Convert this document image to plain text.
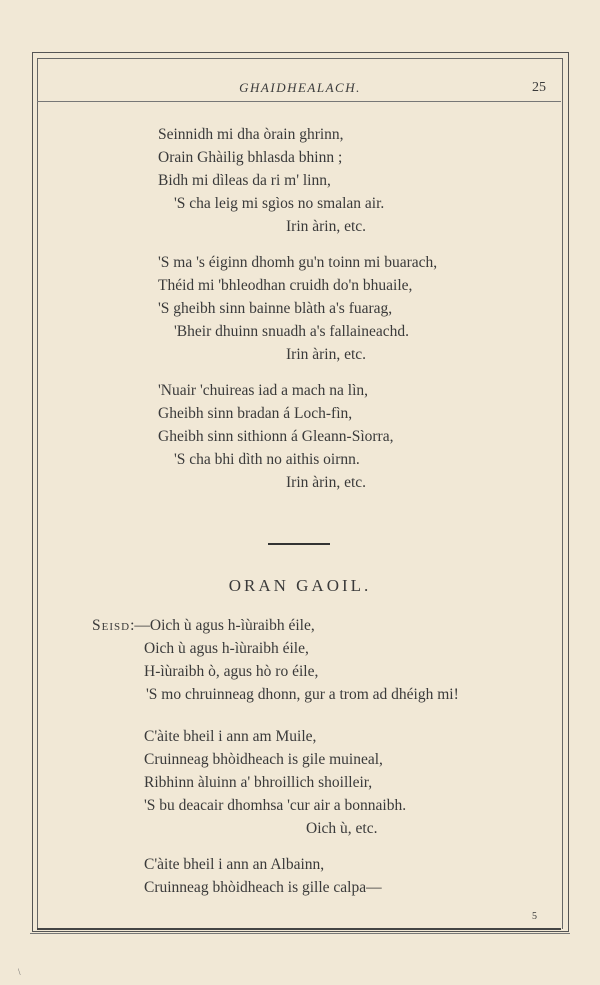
GHAIDHEALACH.	25
Seinnidh mi dha òrain ghrinn,
Orain Ghàilig bhlasda bhinn ;
Bidh mi dìleas da ri m' linn,
'S cha leig mi sgìos no smalan air.
Irin àrin, etc.
'S ma 's éiginn dhomh gu'n toinn mi buarach,
Théid mi 'bhleodhan cruidh do'n bhuaile,
'S gheibh sinn bainne blàth a's fuarag,
'Bheir dhuinn snuadh a's fallaineachd.
Irin àrin, etc.
'Nuair 'chuireas iad a mach na lìn,
Gheibh sinn bradan á Loch-fìn,
Gheibh sinn sithionn á Gleann-Sìorra,
'S cha bhi dìth no aithis oirnn.
Irin àrin, etc.
ORAN GAOIL.
Seisd:—Oich ù agus h-ìùraibh éile,
Oich ù agus h-ìùraibh éile,
H-ìùraibh ò, agus hò ro éile,
'S mo chruinneag dhonn, gur a trom ad dhéigh mi!
C'àite bheil i ann am Muile,
Cruinneag bhòidheach is gile muineal,
Ribhinn àluinn a' bhroillich shoilleir,
'S bu deacair dhomhsa 'cur air a bonnaibh.
Oich ù, etc.
C'àite bheil i ann an Albainn,
Cruinneag bhòidheach is gille calpa—
5
\
